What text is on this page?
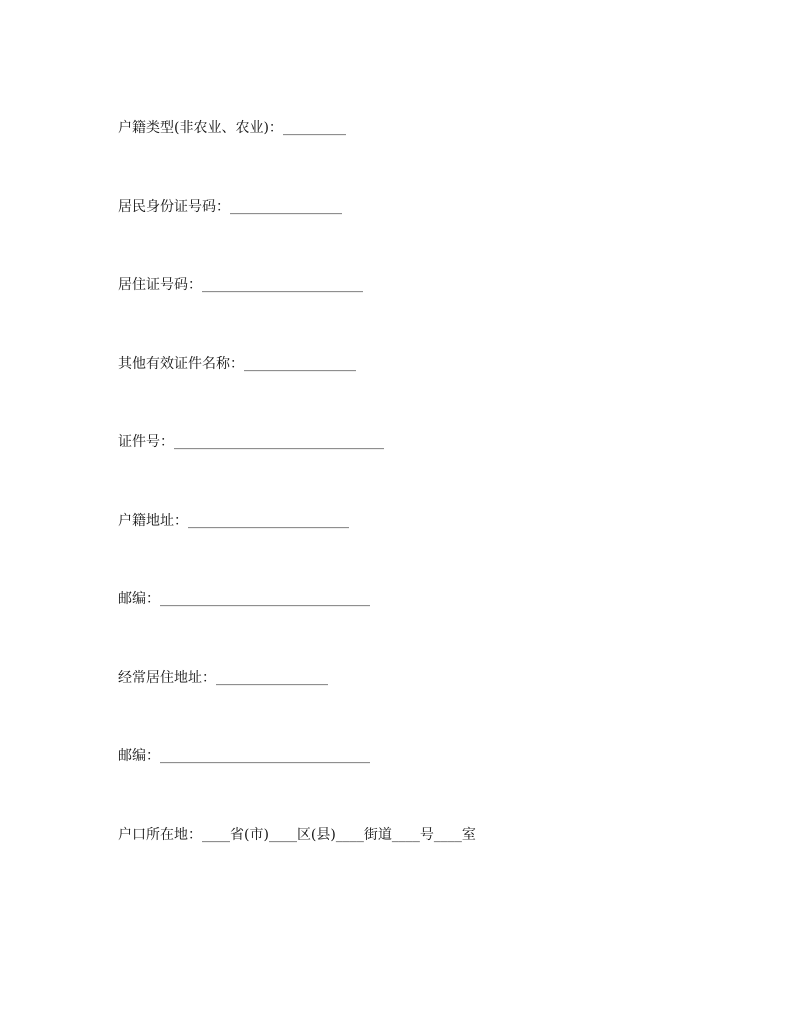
户籍类型(非农业、农业)：_________
居民身份证号码：________________
居住证号码：_______________________
其他有效证件名称：________________
证件号：______________________________
户籍地址：_______________________
邮编：______________________________
经常居住地址：________________
邮编：______________________________
户口所在地：____省(市)____区(县)____街道____号____室
